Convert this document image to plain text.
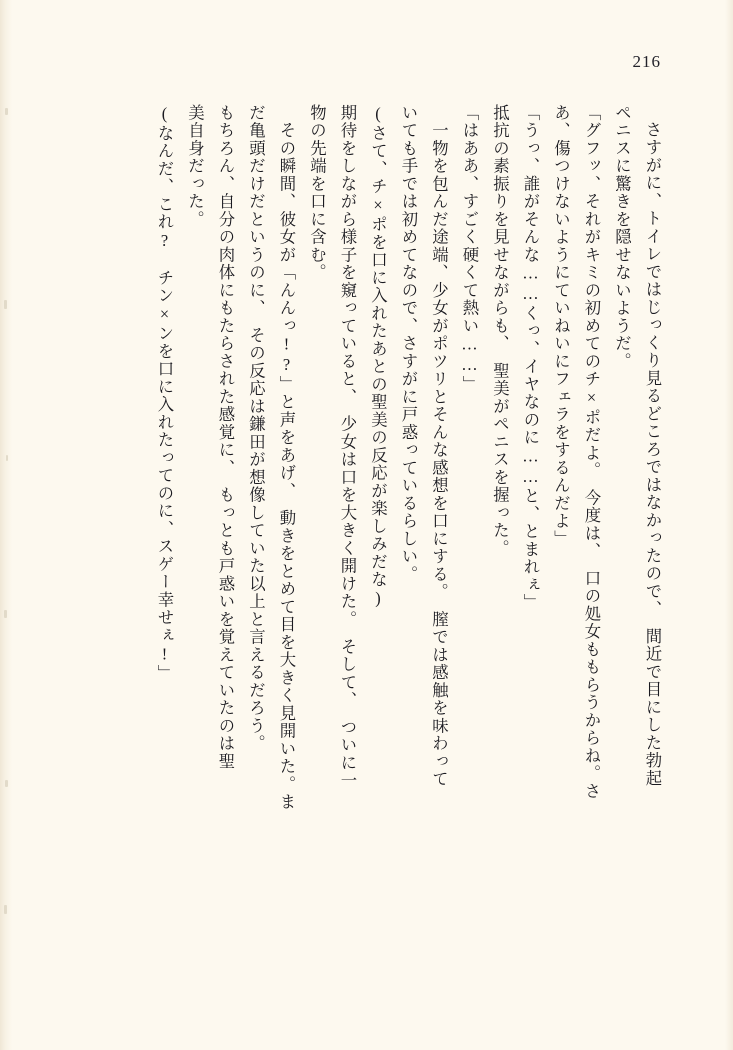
216
さすがに、トイレではじっくり見るどころではなかったので、　間近で目にした勃起
ペニスに驚きを隠せないようだ。
「グフッ、それがキミの初めてのチ×ポだよ。　今度は、　口の処女ももらうからね。さ
あ、傷つけないようにていねいにフェラをするんだよ」
「うっ、誰がそんな……くっ、イヤなのに……と、とまれぇ」
抵抗の素振りを見せながらも、　聖美がペニスを握った。
「はああ、すごく硬くて熱い……」
　一物を包んだ途端、少女がポツリとそんな感想を口にする。　膣では感触を味わって
いても手では初めてなので、さすがに戸惑っているらしい。
(さて、チ×ポを口に入れたあとの聖美の反応が楽しみだな)
期待をしながら様子を窺っていると、　少女は口を大きく開けた。　そして、　ついに一
物の先端を口に含む。
　その瞬間、彼女が「んんっ!?」と声をあげ、　動きをとめて目を大きく見開いた。ま
だ亀頭だけだというのに、　その反応は鎌田が想像していた以上と言えるだろう。
もちろん、自分の肉体にもたらされた感覚に、　もっとも戸惑いを覚えていたのは聖
美自身だった。
(なんだ、これ?　チン×ンを口に入れたってのに、スゲー幸せぇ!」
